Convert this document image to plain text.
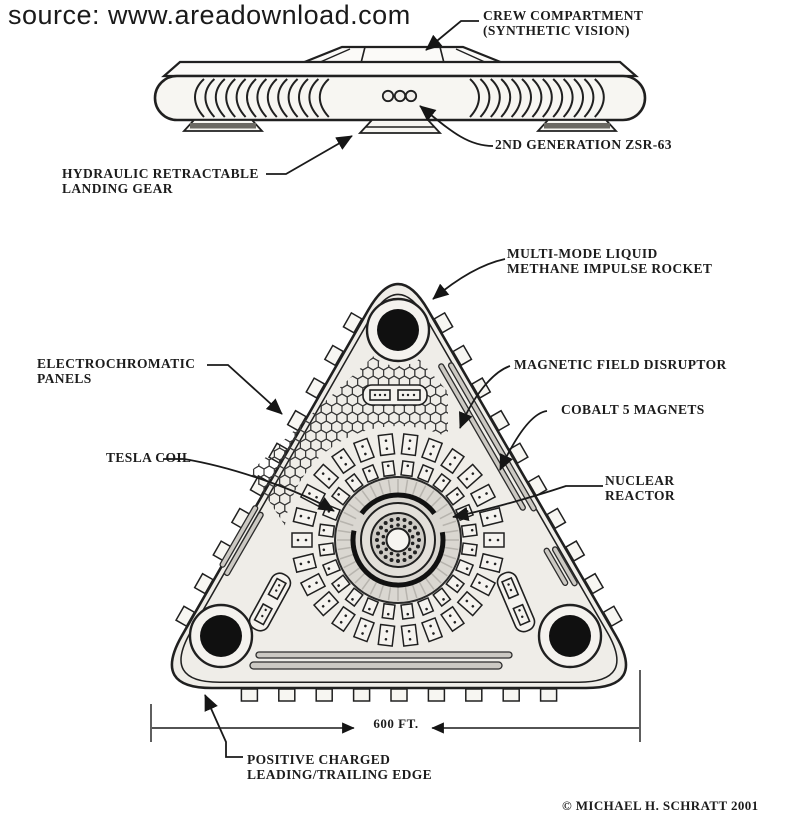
source: www.areadownload.com	CREW COMPARTMENT
(SYNTHETIC VISION)
2ND GENERATION ZSR-63
HYDRAULIC RETRACTABLE
LANDING GEAR
MULTI-MODE LIQUID
METHANE IMPULSE ROCKET
ELECTROCHROMATIC
PANELS
MAGNETIC FIELD DISRUPTOR
COBALT 5 MAGNETS
TESLA COIL
NUCLEAR
REACTOR
POSITIVE CHARGED
LEADING/TRAILING EDGE
600 FT.
© MICHAEL H. SCHRATT 2001
